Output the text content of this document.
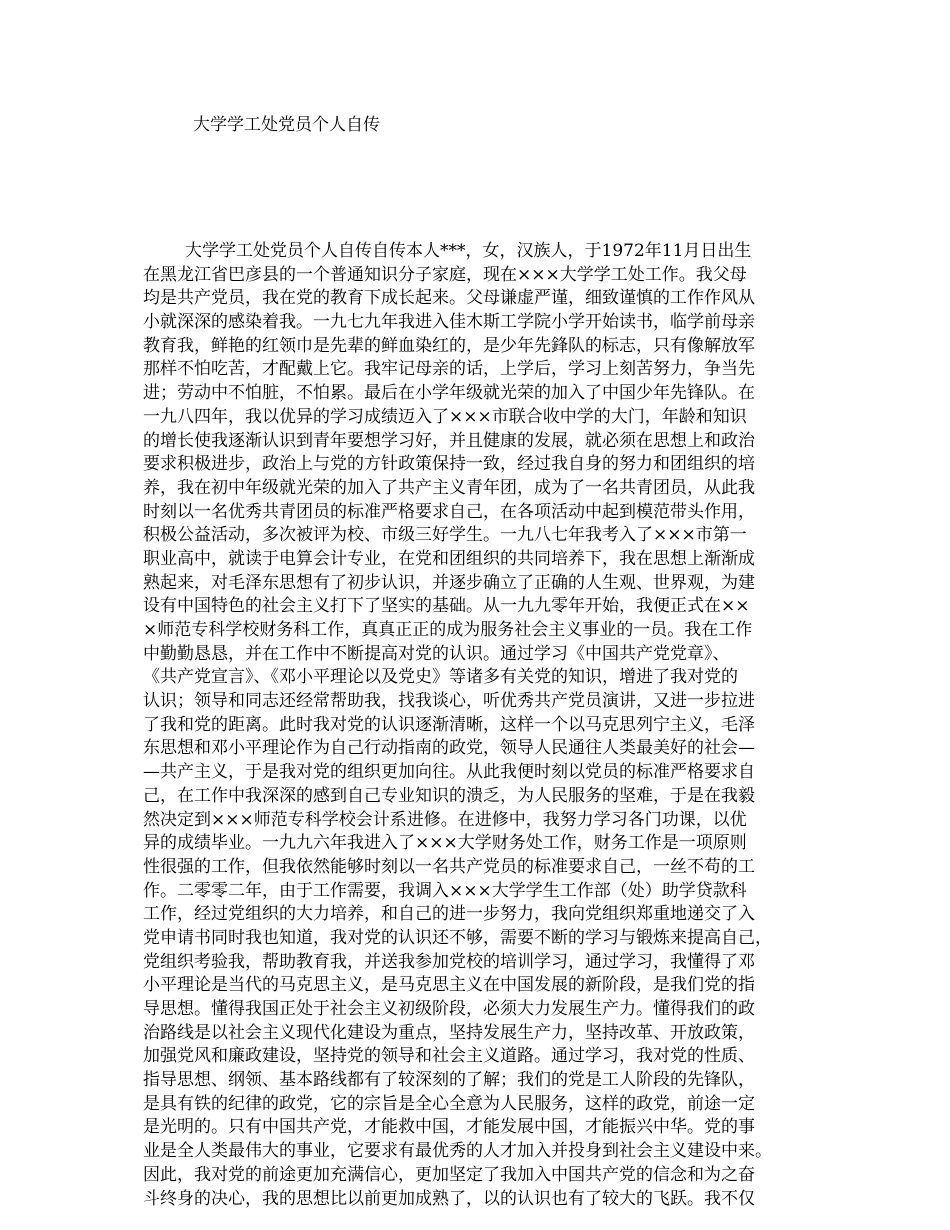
大学学工处党员个人自传
大学学工处党员个人自传自传本人***，女，汉族人，于1972年11月日出生
在黑龙江省巴彦县的一个普通知识分子家庭，现在×××大学学工处工作。我父母
均是共产党员，我在党的教育下成长起来。父母谦虚严谨，细致谨慎的工作作风从
小就深深的感染着我。一九七九年我进入佳木斯工学院小学开始读书，临学前母亲
教育我，鲜艳的红领巾是先辈的鲜血染红的，是少年先鋒队的标志，只有像解放军
那样不怕吃苦，才配戴上它。我牢记母亲的话，上学后，学习上刻苦努力，争当先
进；劳动中不怕脏，不怕累。最后在小学年级就光荣的加入了中国少年先锋队。在
一九八四年，我以优异的学习成绩迈入了×××市联合收中学的大门，年龄和知识
的增长使我逐渐认识到青年要想学习好，并且健康的发展，就必须在思想上和政治
要求积极进步，政治上与党的方针政策保持一致，经过我自身的努力和团组织的培
养，我在初中年级就光荣的加入了共产主义青年团，成为了一名共青团员，从此我
时刻以一名优秀共青团员的标准严格要求自己，在各项活动中起到模范带头作用，
积极公益活动，多次被评为校、市级三好学生。一九八七年我考入了×××市第一
职业高中，就读于电算会计专业，在党和团组织的共同培养下，我在思想上渐渐成
熟起来，对毛泽东思想有了初步认识，并逐步确立了正确的人生观、世界观，为建
设有中国特色的社会主义打下了坚实的基础。从一九九零年开始，我便正式在××
×师范专科学校财务科工作，真真正正的成为服务社会主义事业的一员。我在工作
中勤勤恳恳，并在工作中不断提高对党的认识。通过学习《中国共产党党章》、
《共产党宣言》、《邓小平理论以及党史》等诸多有关党的知识，增进了我对党的
认识；领导和同志还经常帮助我，找我谈心，听优秀共产党员演讲，又进一步拉进
了我和党的距离。此时我对党的认识逐渐清晰，这样一个以马克思列宁主义，毛泽
东思想和邓小平理论作为自己行动指南的政党，领导人民通往人类最美好的社会—
—共产主义，于是我对党的组织更加向往。从此我便时刻以党员的标准严格要求自
己，在工作中我深深的感到自己专业知识的溃乏，为人民服务的坚难，于是在我毅
然决定到×××师范专科学校会计系进修。在进修中，我努力学习各门功课，以优
异的成绩毕业。一九九六年我进入了×××大学财务处工作，财务工作是一项原则
性很强的工作，但我依然能够时刻以一名共产党员的标准要求自己，一丝不苟的工
作。二零零二年，由于工作需要，我调入×××大学学生工作部（处）助学贷款科
工作，经过党组织的大力培养，和自己的进一步努力，我向党组织郑重地递交了入
党申请书同时我也知道，我对党的认识还不够，需要不断的学习与锻炼来提高自己，
党组织考验我，帮助教育我，并送我参加党校的培训学习，通过学习，我懂得了邓
小平理论是当代的马克思主义，是马克思主义在中国发展的新阶段，是我们党的指
导思想。懂得我国正处于社会主义初级阶段，必须大力发展生产力。懂得我们的政
治路线是以社会主义现代化建设为重点，坚持发展生产力，坚持改革、开放政策，
加强党风和廉政建设，坚持党的领导和社会主义道路。通过学习，我对党的性质、
指导思想、纲领、基本路线都有了较深刻的了解；我们的党是工人阶段的先锋队，
是具有铁的纪律的政党，它的宗旨是全心全意为人民服务，这样的政党，前途一定
是光明的。只有中国共产党，才能救中国，才能发展中国，才能振兴中华。党的事
业是全人类最伟大的事业，它要求有最优秀的人才加入并投身到社会主义建设中来。
因此，我对党的前途更加充满信心，更加坚定了我加入中国共产党的信念和为之奋
斗终身的决心，我的思想比以前更加成熟了，以的认识也有了较大的飞跃。我不仅
